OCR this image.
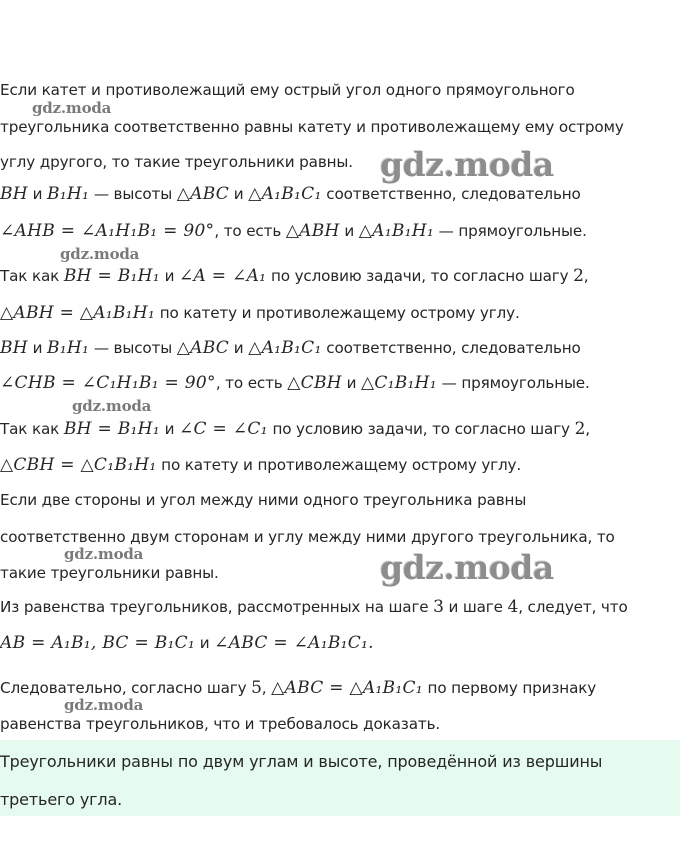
Если катет и противолежащий ему острый угол одного прямоугольного
треугольника соответственно равны катету и противолежащему ему острому
углу другого, то такие треугольники равны.
BH и B₁H₁ — высоты △ABC и △A₁B₁C₁ соответственно, следовательно
∠AHB = ∠A₁H₁B₁ = 90°, то есть △ABH и △A₁B₁H₁ — прямоугольные.
Так как BH = B₁H₁ и ∠A = ∠A₁ по условию задачи, то согласно шагу 2,
△ABH = △A₁B₁H₁ по катету и противолежащему острому углу.
BH и B₁H₁ — высоты △ABC и △A₁B₁C₁ соответственно, следовательно
∠CHB = ∠C₁H₁B₁ = 90°, то есть △CBH и △C₁B₁H₁ — прямоугольные.
Так как BH = B₁H₁ и ∠C = ∠C₁ по условию задачи, то согласно шагу 2,
△CBH = △C₁B₁H₁ по катету и противолежащему острому углу.
Если две стороны и угол между ними одного треугольника равны
соответственно двум сторонам и углу между ними другого треугольника, то
такие треугольники равны.
Из равенства треугольников, рассмотренных на шаге 3 и шаге 4, следует, что
AB = A₁B₁, BC = B₁C₁ и ∠ABC = ∠A₁B₁C₁.
Следовательно, согласно шагу 5, △ABC = △A₁B₁C₁ по первому признаку
равенства треугольников, что и требовалось доказать.
Треугольники равны по двум углам и высоте, проведённой из вершины
третьего угла.
gdz.moda
gdz.moda
gdz.moda
gdz.moda
gdz.moda
gdz.moda
gdz.moda
